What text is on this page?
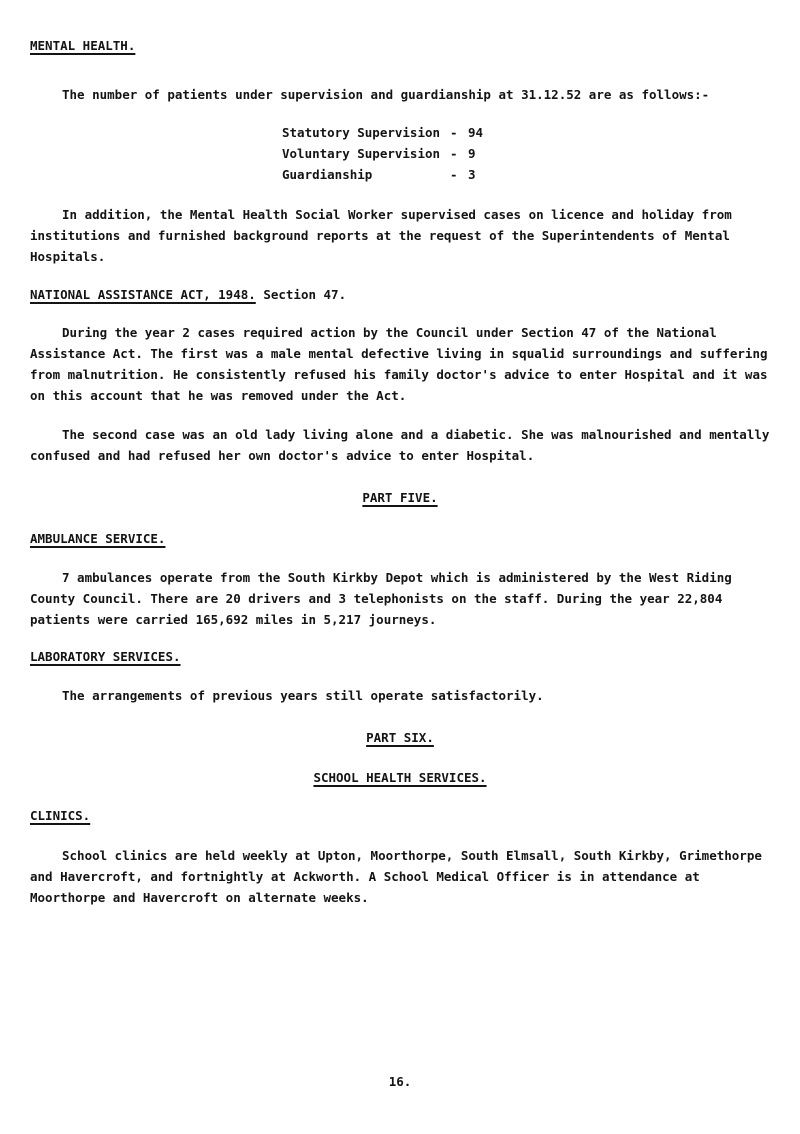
MENTAL HEALTH.
The number of patients under supervision and guardianship at 31.12.52 are as follows:-
Statutory Supervision - 94
Voluntary Supervision - 9
Guardianship	- 3
In addition, the Mental Health Social Worker supervised cases on licence and holiday from institutions and furnished background reports at the request of the Superintendents of Mental Hospitals.
NATIONAL ASSISTANCE ACT, 1948. Section 47.
During the year 2 cases required action by the Council under Section 47 of the National Assistance Act. The first was a male mental defective living in squalid surroundings and suffering from malnutrition. He consistently refused his family doctor's advice to enter Hospital and it was on this account that he was removed under the Act.
The second case was an old lady living alone and a diabetic. She was malnourished and mentally confused and had refused her own doctor's advice to enter Hospital.
PART FIVE.
AMBULANCE SERVICE.
7 ambulances operate from the South Kirkby Depot which is administered by the West Riding County Council. There are 20 drivers and 3 telephonists on the staff. During the year 22,804 patients were carried 165,692 miles in 5,217 journeys.
LABORATORY SERVICES.
The arrangements of previous years still operate satisfactorily.
PART SIX.
SCHOOL HEALTH SERVICES.
CLINICS.
School clinics are held weekly at Upton, Moorthorpe, South Elmsall, South Kirkby, Grimethorpe and Havercroft, and fortnightly at Ackworth. A School Medical Officer is in attendance at Moorthorpe and Havercroft on alternate weeks.
16.
